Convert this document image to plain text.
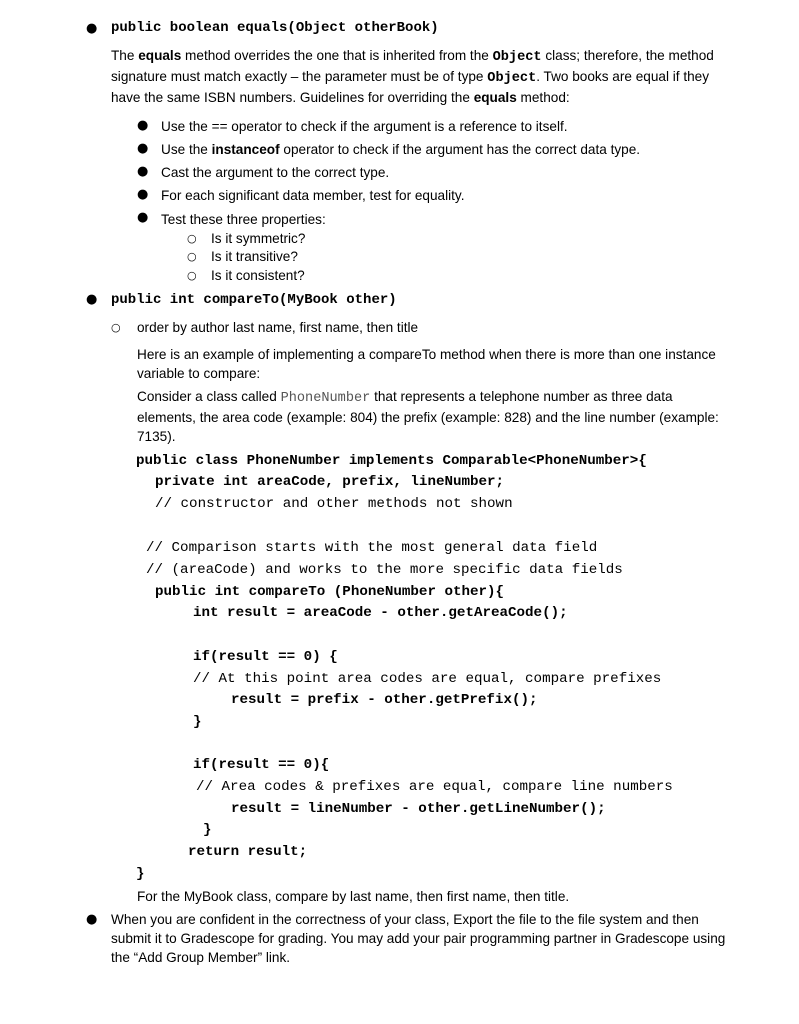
● public boolean equals(Object otherBook)
The equals method overrides the one that is inherited from the Object class; therefore, the method signature must match exactly – the parameter must be of type Object. Two books are equal if they have the same ISBN numbers. Guidelines for overriding the equals method:
● Use the == operator to check if the argument is a reference to itself.
● Use the instanceof operator to check if the argument has the correct data type.
● Cast the argument to the correct type.
● For each significant data member, test for equality.
● Test these three properties:
○ Is it symmetric?
○ Is it transitive?
○ Is it consistent?
● public int compareTo(MyBook other)
○ order by author last name, first name, then title
Here is an example of implementing a compareTo method when there is more than one instance variable to compare:
Consider a class called PhoneNumber that represents a telephone number as three data elements, the area code (example: 804) the prefix (example: 828) and the line number (example: 7135).
public class PhoneNumber implements Comparable<PhoneNumber>{
private int areaCode, prefix, lineNumber;
// constructor and other methods not shown
// Comparison starts with the most general data field
// (areaCode) and works to the more specific data fields
public int compareTo (PhoneNumber other){
int result = areaCode - other.getAreaCode();
if(result == 0) {
// At this point area codes are equal, compare prefixes
result = prefix - other.getPrefix();
}
if(result == 0){
// Area codes & prefixes are equal, compare line numbers
result = lineNumber - other.getLineNumber();
}
return result;
}
For the MyBook class, compare by last name, then first name, then title.
● When you are confident in the correctness of your class, Export the file to the file system and then submit it to Gradescope for grading. You may add your pair programming partner in Gradescope using the “Add Group Member” link.
